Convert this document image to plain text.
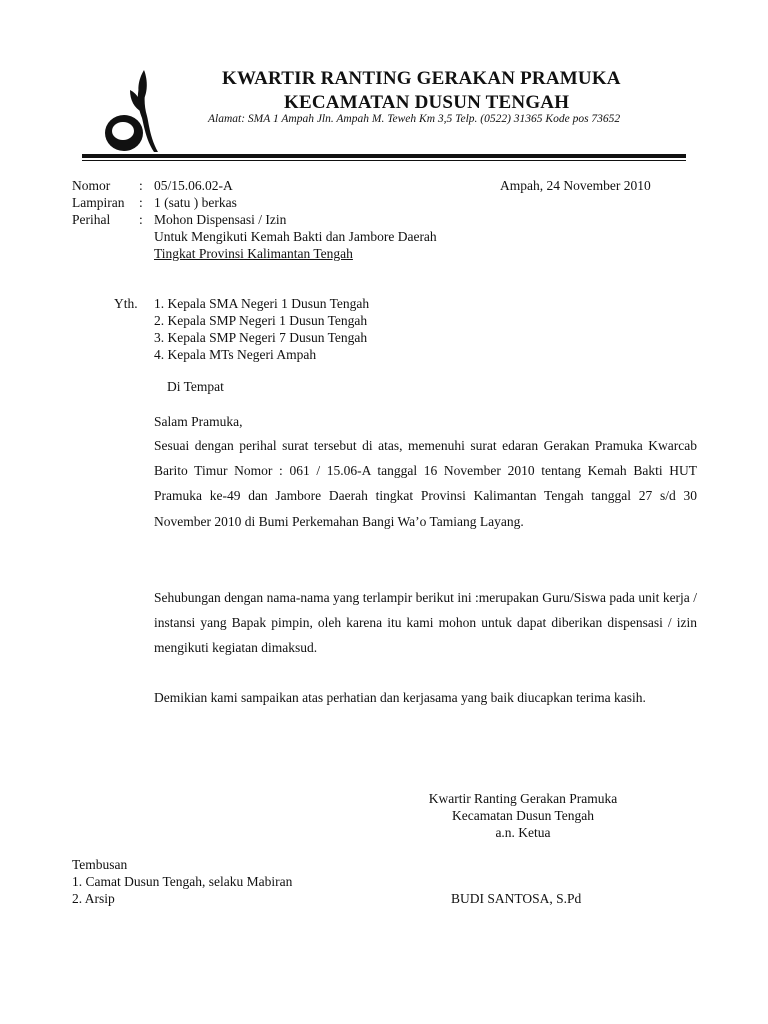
KWARTIR RANTING GERAKAN PRAMUKA
KECAMATAN DUSUN TENGAH
Alamat: SMA 1 Ampah Jln. Ampah M. Teweh Km 3,5 Telp. (0522) 31365 Kode pos 73652
Nomor : 05/15.06.02-A	Ampah, 24 November 2010
Lampiran : 1 (satu ) berkas
Perihal : Mohon Dispensasi / Izin
Untuk Mengikuti Kemah Bakti dan Jambore Daerah
Tingkat Provinsi Kalimantan Tengah
Yth. 1. Kepala SMA Negeri 1 Dusun Tengah
2. Kepala SMP Negeri 1 Dusun Tengah
3. Kepala SMP Negeri 7 Dusun Tengah
4. Kepala MTs Negeri Ampah
Di Tempat
Salam Pramuka,

Sesuai dengan perihal surat tersebut di atas, memenuhi surat edaran Gerakan Pramuka Kwarcab Barito Timur Nomor : 061 / 15.06-A tanggal 16 November 2010 tentang Kemah Bakti HUT Pramuka ke-49 dan Jambore Daerah tingkat Provinsi Kalimantan Tengah tanggal 27 s/d 30 November 2010 di Bumi Perkemahan Bangi Wa’o Tamiang Layang.

Sehubungan dengan nama-nama yang terlampir berikut ini :merupakan Guru/Siswa pada unit kerja / instansi yang Bapak pimpin, oleh karena itu kami mohon untuk dapat diberikan dispensasi / izin mengikuti kegiatan dimaksud.

Demikian kami sampaikan atas perhatian dan kerjasama yang baik diucapkan terima kasih.

Kwartir Ranting Gerakan Pramuka
Kecamatan Dusun Tengah
a.n. Ketua
BUDI SANTOSA, S.Pd
Tembusan
1. Camat Dusun Tengah, selaku Mabiran
2. Arsip
